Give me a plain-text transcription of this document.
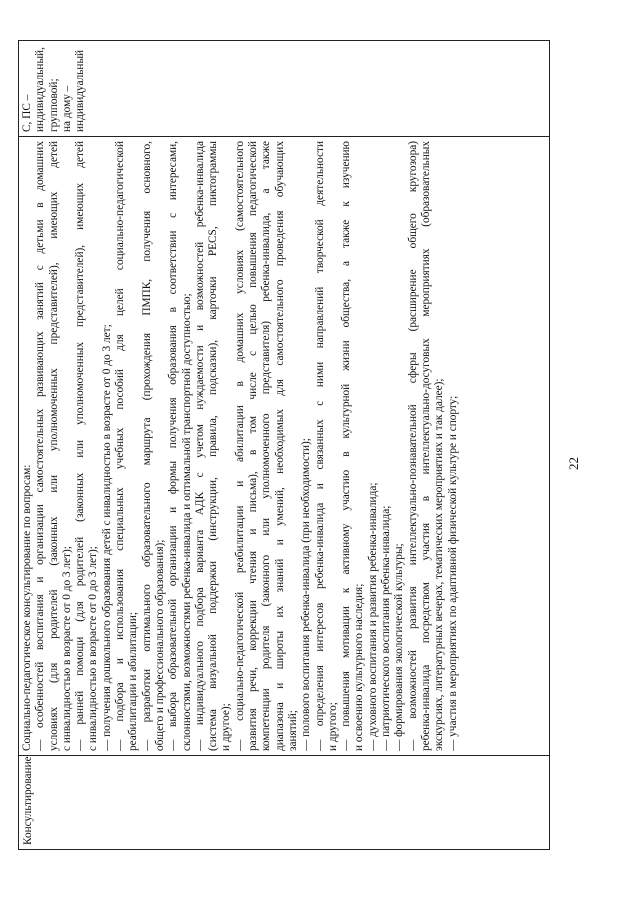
22
Консультирование

Социально-педагогическое консультирование по вопросам: — особенностей воспитания и организации самостоятельных развивающих занятий с детьми в домашних условиях (для родителей (законных или уполномоченных представителей), имеющих детей с инвалидностью в возрасте от 0 до 3 лет); — ранней помощи (для родителей (законных или уполномоченных представителей), имеющих детей с инвалидностью в возрасте от 0 до 3 лет); — получения дошкольного образования детей с инвалидностью в возрасте от 0 до 3 лет; — подбора и использования специальных учебных пособий для целей социально-педагогической реабилитации и абилитации; — разработки оптимального образовательного маршрута (прохождения ПМПК, получения основного, общего и профессионального образования); — выбора образовательной организации и формы получения образования в соответствии с интересами, склонностями, возможностями ребенка-инвалида и оптимальной транспортной доступностью; — индивидуального подбора варианта АДК с учетом нуждаемости и возможностей ребенка-инвалида (система визуальной поддержки (инструкции, правила, подсказки), карточки PECS, пиктограммы и другое); — социально-педагогической реабилитации и абилитации в домашних условиях (самостоятельного развития речи, коррекции чтения и письма), в том числе с целью повышения педагогической компетенции родителя (законного или уполномоченного представителя) ребенка-инвалида, а также диапазона и широты их знаний и умений, необходимых для самостоятельного проведения обучающих занятий; — полового воспитания ребенка-инвалида (при необходимости); — определения интересов ребенка-инвалида и связанных с ними направлений творческой деятельности и другого; — повышения мотивации к активному участию в культурной жизни общества, а также к изучению и освоению культурного наследия; — духовного воспитания и развития ребенка-инвалида; — патриотического воспитания ребенка-инвалида; — формирования экологической культуры; — возможностей развития интеллектуально-познавательной сферы (расширение общего кругозора) ребенка-инвалида посредством участия в интеллектуально-досуговых мероприятиях (образовательных экскурсиях, литературных вечерах, тематических мероприятиях и так далее); — участия в мероприятиях по адаптивной физической культуре и спорту;

С, ПС – индивидуальный, групповой; на дому – индивидуальный
